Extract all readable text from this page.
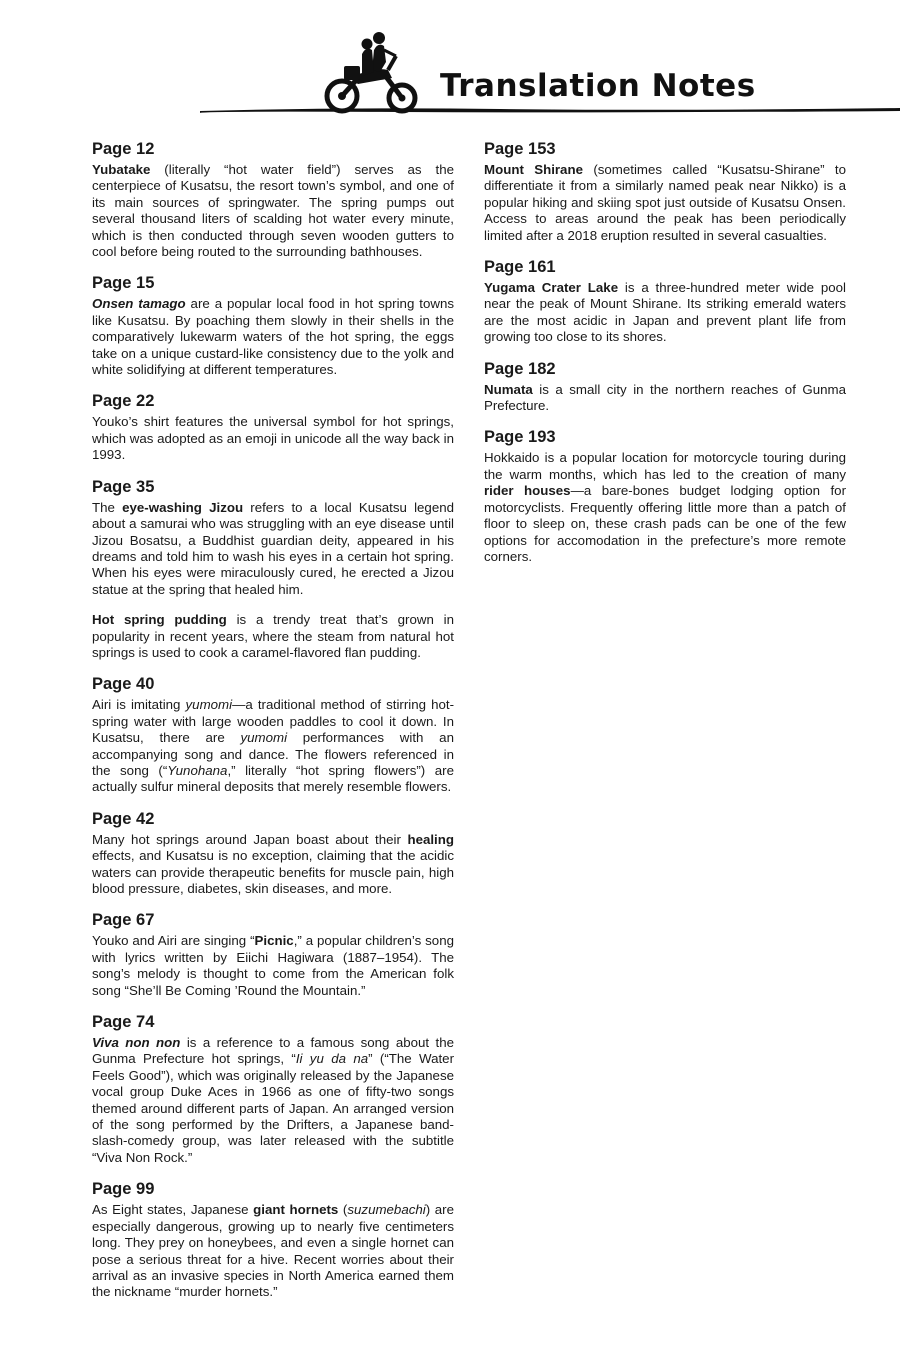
Translation Notes
Page 12

Yubatake (literally “hot water field”) serves as the centerpiece of Kusatsu, the resort town’s symbol, and one of its main sources of springwater. The spring pumps out several thousand liters of scalding hot water every minute, which is then conducted through seven wooden gutters to cool before being routed to the surrounding bathhouses.

Page 15

Onsen tamago are a popular local food in hot spring towns like Kusatsu. By poaching them slowly in their shells in the comparatively lukewarm waters of the hot spring, the eggs take on a unique custard-like consistency due to the yolk and white solidifying at different temperatures.

Page 22

Youko’s shirt features the universal symbol for hot springs, which was adopted as an emoji in unicode all the way back in 1993.

Page 35

The eye-washing Jizou refers to a local Kusatsu legend about a samurai who was struggling with an eye disease until Jizou Bosatsu, a Buddhist guardian deity, appeared in his dreams and told him to wash his eyes in a certain hot spring. When his eyes were miraculously cured, he erected a Jizou statue at the spring that healed him.

Hot spring pudding is a trendy treat that’s grown in popularity in recent years, where the steam from natural hot springs is used to cook a caramel-flavored flan pudding.

Page 40

Airi is imitating yumomi—a traditional method of stirring hot-spring water with large wooden paddles to cool it down. In Kusatsu, there are yumomi performances with an accompanying song and dance. The flowers referenced in the song (“Yunohana,” literally “hot spring flowers”) are actually sulfur mineral deposits that merely resemble flowers.

Page 42

Many hot springs around Japan boast about their healing effects, and Kusatsu is no exception, claiming that the acidic waters can provide therapeutic benefits for muscle pain, high blood pressure, diabetes, skin diseases, and more.

Page 67

Youko and Airi are singing “Picnic,” a popular children’s song with lyrics written by Eiichi Hagiwara (1887–1954). The song’s melody is thought to come from the American folk song “She’ll Be Coming ’Round the Mountain.”

Page 74

Viva non non is a reference to a famous song about the Gunma Prefecture hot springs, “Ii yu da na” (“The Water Feels Good”), which was originally released by the Japanese vocal group Duke Aces in 1966 as one of fifty-two songs themed around different parts of Japan. An arranged version of the song performed by the Drifters, a Japanese band-slash-comedy group, was later released with the subtitle “Viva Non Rock.”

Page 99

As Eight states, Japanese giant hornets (suzumebachi) are especially dangerous, growing up to nearly five centimeters long. They prey on honeybees, and even a single hornet can pose a serious threat for a hive. Recent worries about their arrival as an invasive species in North America earned them the nickname “murder hornets.”

Page 153

Mount Shirane (sometimes called “Kusatsu-Shirane” to differentiate it from a similarly named peak near Nikko) is a popular hiking and skiing spot just outside of Kusatsu Onsen. Access to areas around the peak has been periodically limited after a 2018 eruption resulted in several casualties.

Page 161

Yugama Crater Lake is a three-hundred meter wide pool near the peak of Mount Shirane. Its striking emerald waters are the most acidic in Japan and prevent plant life from growing too close to its shores.

Page 182

Numata is a small city in the northern reaches of Gunma Prefecture.

Page 193

Hokkaido is a popular location for motorcycle touring during the warm months, which has led to the creation of many rider houses—a bare-bones budget lodging option for motorcyclists. Frequently offering little more than a patch of floor to sleep on, these crash pads can be one of the few options for accomodation in the prefecture’s more remote corners.
